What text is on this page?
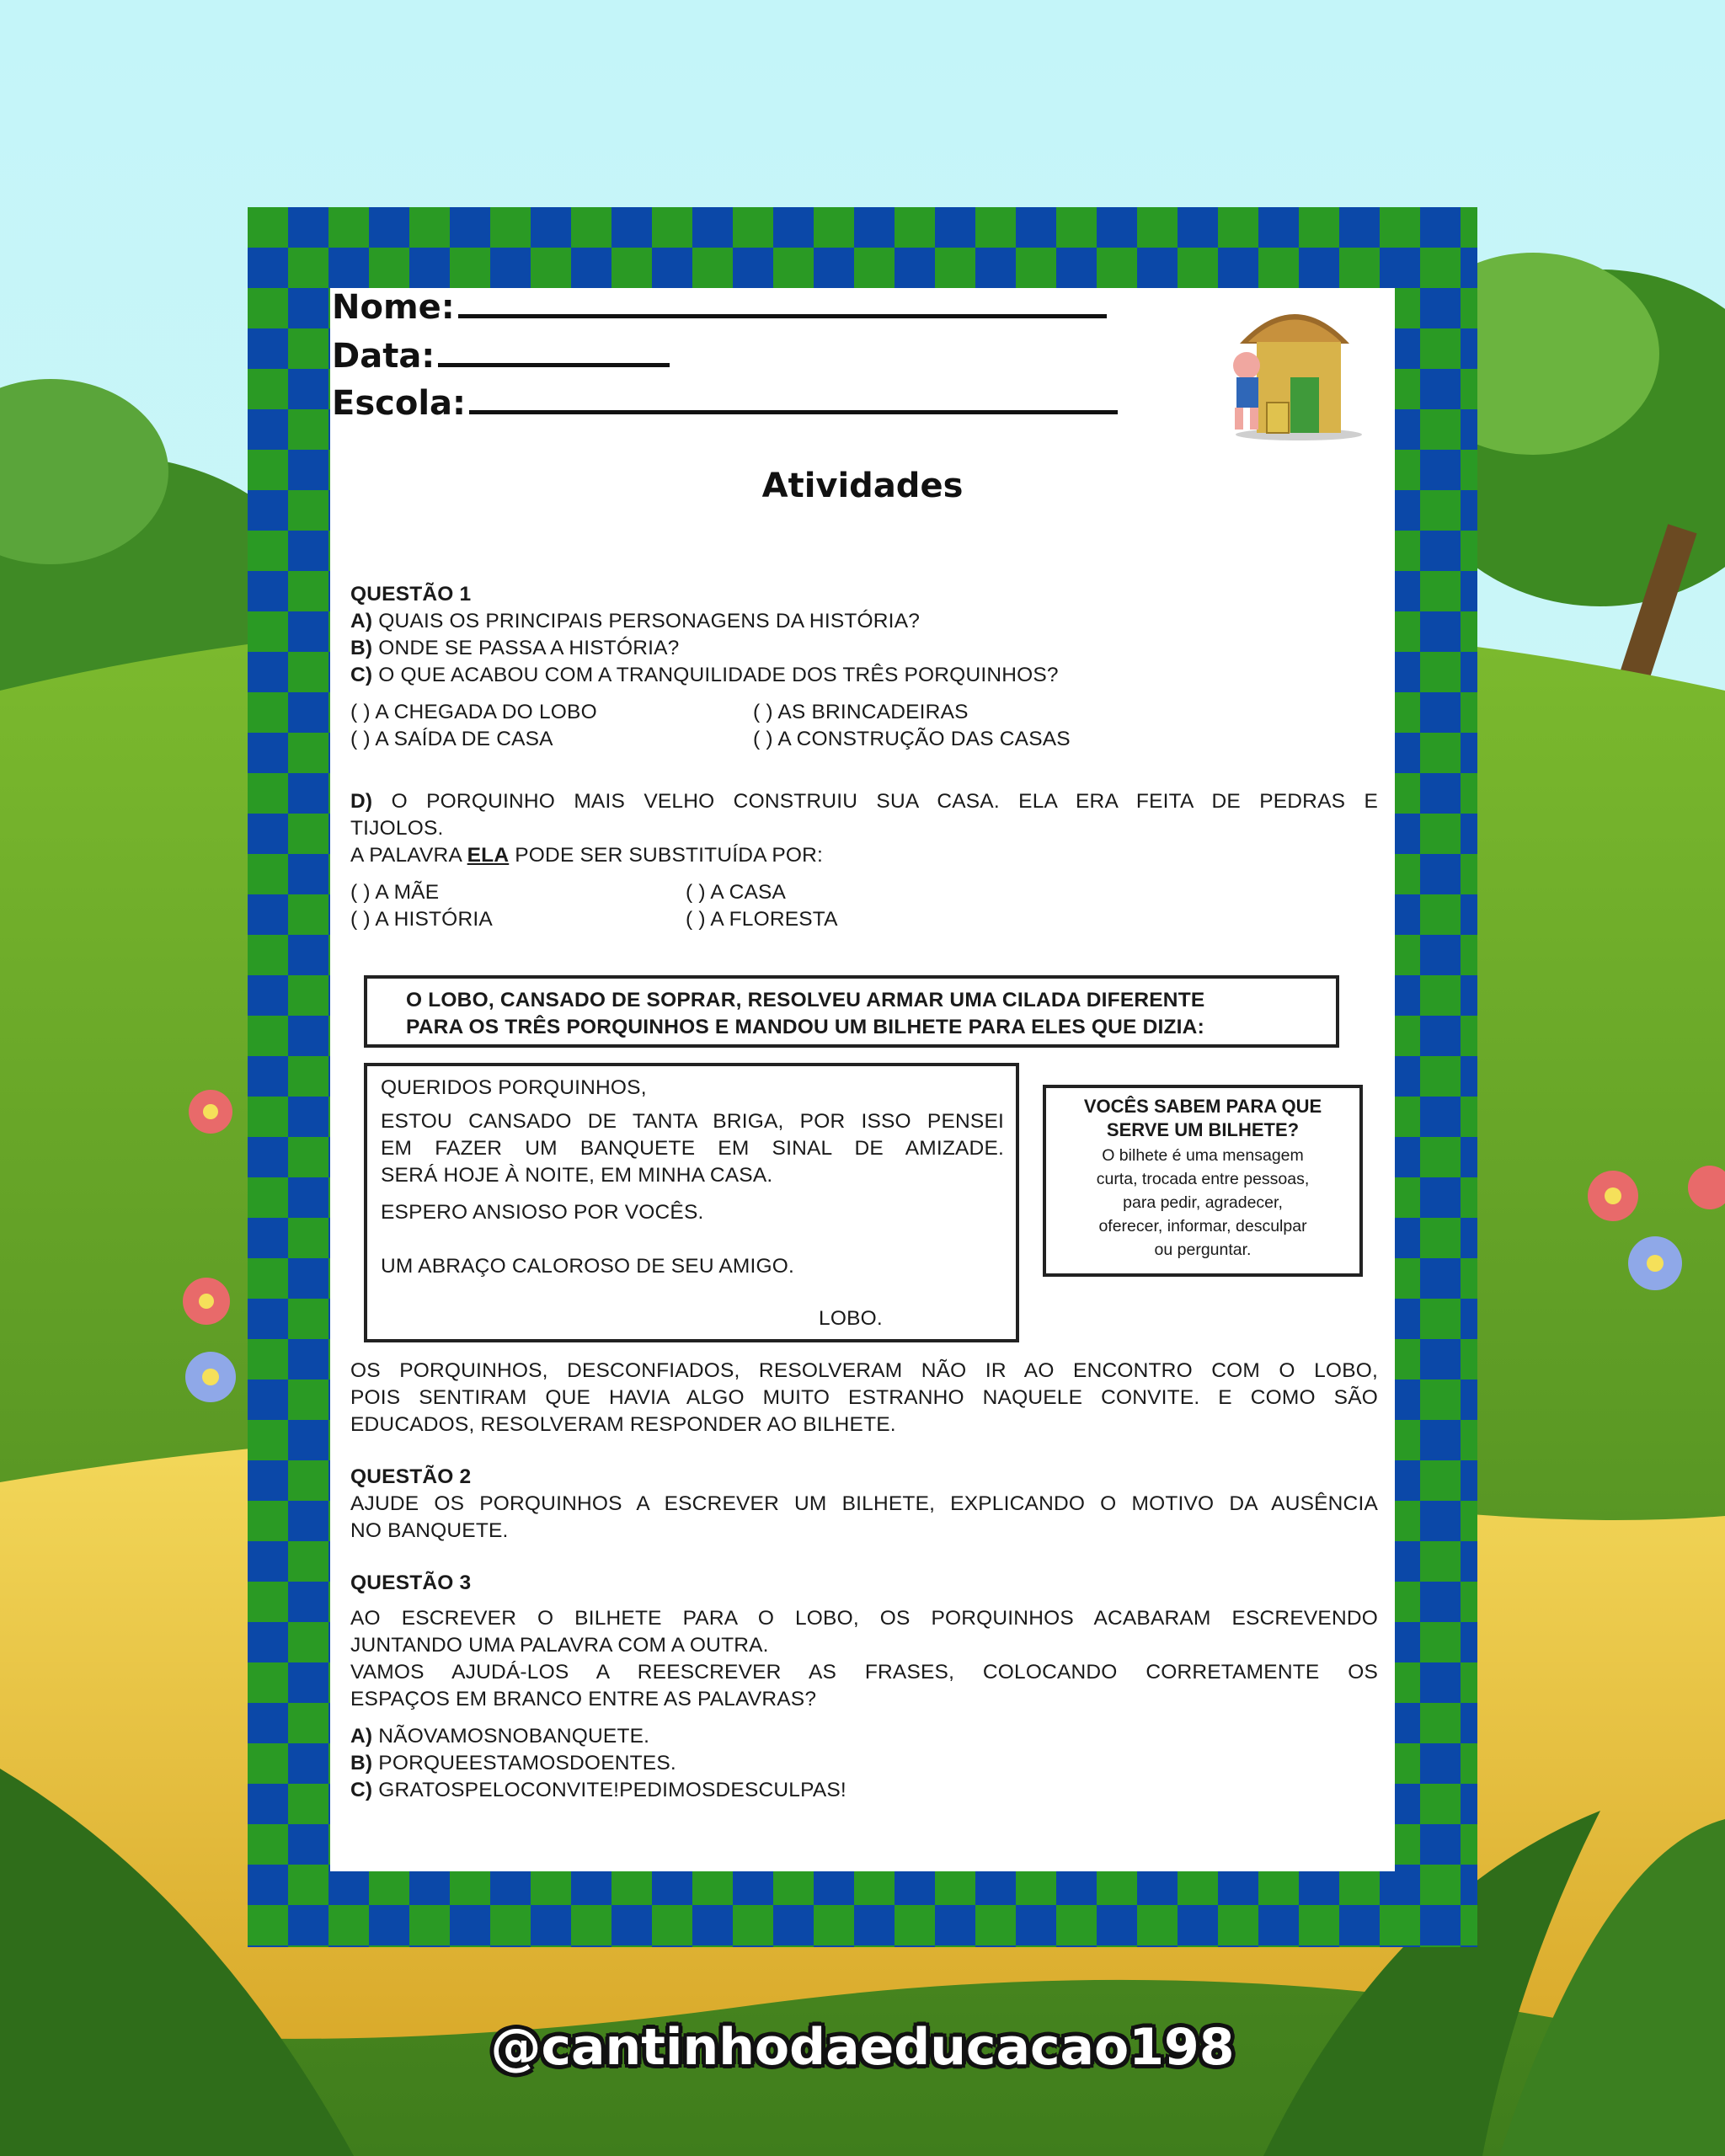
Nome:
Data:
Escola:
Atividades
QUESTÃO 1
A) QUAIS OS PRINCIPAIS PERSONAGENS DA HISTÓRIA?
B) ONDE SE PASSA A HISTÓRIA?
C) O QUE ACABOU COM A TRANQUILIDADE DOS TRÊS PORQUINHOS?
( ) A CHEGADA DO LOBO	( ) AS BRINCADEIRAS
( ) A SAÍDA DE CASA	( ) A CONSTRUÇÃO DAS CASAS
D) O PORQUINHO MAIS VELHO CONSTRUIU SUA CASA. ELA ERA FEITA DE PEDRAS E
TIJOLOS.
A PALAVRA ELA PODE SER SUBSTITUÍDA POR:
( ) A MÃE	( ) A CASA
( ) A HISTÓRIA	( ) A FLORESTA
O LOBO, CANSADO DE SOPRAR, RESOLVEU ARMAR UMA CILADA DIFERENTE
PARA OS TRÊS PORQUINHOS E MANDOU UM BILHETE PARA ELES QUE DIZIA:
QUERIDOS PORQUINHOS,
ESTOU CANSADO DE TANTA BRIGA, POR ISSO PENSEI
EM FAZER UM BANQUETE EM SINAL DE AMIZADE.
SERÁ HOJE À NOITE, EM MINHA CASA.
ESPERO ANSIOSO POR VOCÊS.
UM ABRAÇO CALOROSO DE SEU AMIGO.
LOBO.
VOCÊS SABEM PARA QUE
SERVE UM BILHETE?
O bilhete é uma mensagem
curta, trocada entre pessoas,
para pedir, agradecer,
oferecer, informar, desculpar
ou perguntar.
OS PORQUINHOS, DESCONFIADOS, RESOLVERAM NÃO IR AO ENCONTRO COM O LOBO,
POIS SENTIRAM QUE HAVIA ALGO MUITO ESTRANHO NAQUELE CONVITE. E COMO SÃO
EDUCADOS, RESOLVERAM RESPONDER AO BILHETE.
QUESTÃO 2
AJUDE OS PORQUINHOS A ESCREVER UM BILHETE, EXPLICANDO O MOTIVO DA AUSÊNCIA
NO BANQUETE.
QUESTÃO 3
AO ESCREVER O BILHETE PARA O LOBO, OS PORQUINHOS ACABARAM ESCREVENDO
JUNTANDO UMA PALAVRA COM A OUTRA.
VAMOS AJUDÁ-LOS A REESCREVER AS FRASES, COLOCANDO CORRETAMENTE OS
ESPAÇOS EM BRANCO ENTRE AS PALAVRAS?
A) NÃOVAMOSNOBANQUETE.
B) PORQUEESTAMOSDOENTES.
C) GRATOSPELOCONVITE!PEDIMOSDESCULPAS!
@cantinhodaeducacao198
